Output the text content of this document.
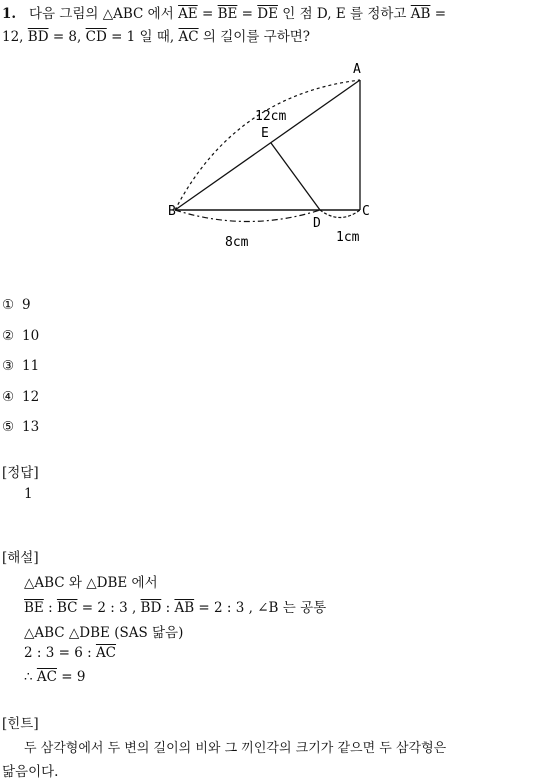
1. 다음 그림의 △ABC 에서 $\overline{AE} = \overline{BE} = \overline{DE}$ 인 점 D, E 를 정하고 $\overline{AB}$ =
12, $\overline{BD} = 8$, $\overline{CD} = 1$ 일 때, $\overline{AC}$ 의 길이를 구하면?
A
B	C
D
E
12cm
8cm	1cm
① 9
② 10
③ 11
④ 12
⑤ 13
[정답]
1
[해설]
△ABC 와 △DBE 에서
$\overline{BE}$ : $\overline{BC} = 2$ : 3 , $\overline{BD}$ : $\overline{AB} = 2$ : 3 , ∠B 는 공통
△ABC △DBE (SAS 닮음)
2 : 3 = 6 : $\overline{AC}$
∴ $\overline{AC} = 9$
[힌트]
두 삼각형에서 두 변의 길이의 비와 그 끼인각의 크기가 같으면 두 삼각형은
닮음이다.
